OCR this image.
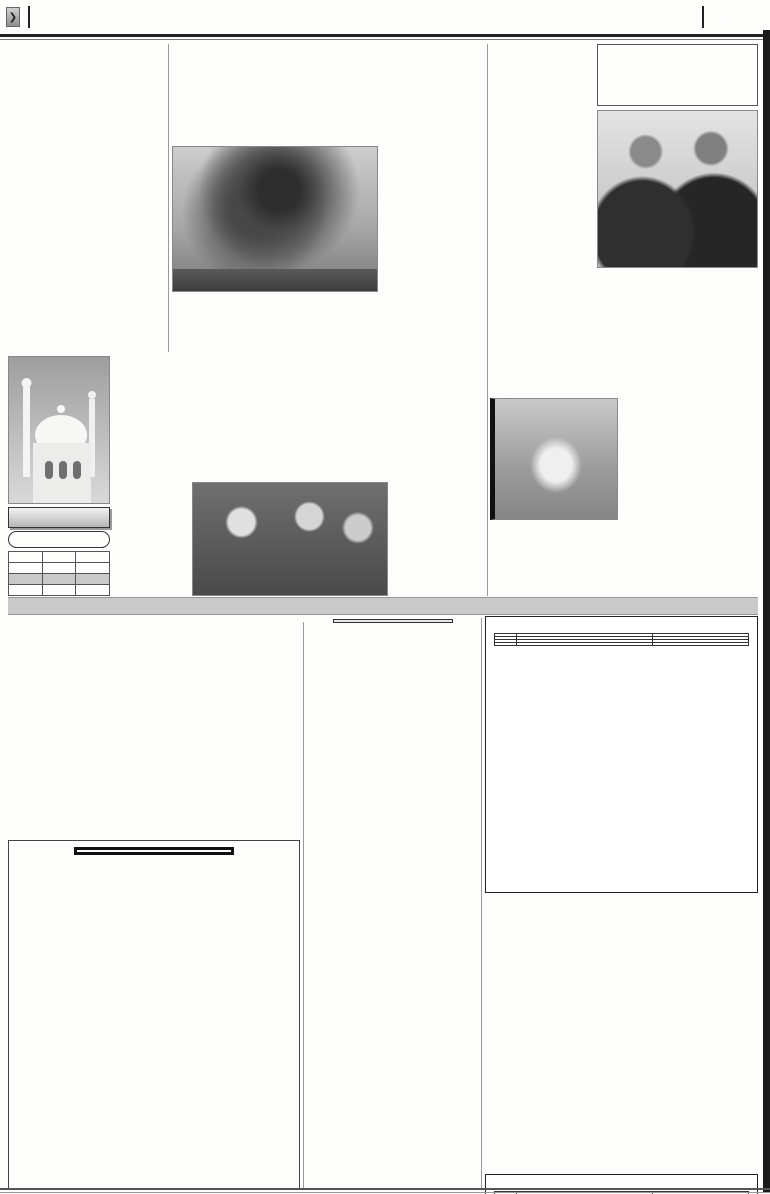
❯
